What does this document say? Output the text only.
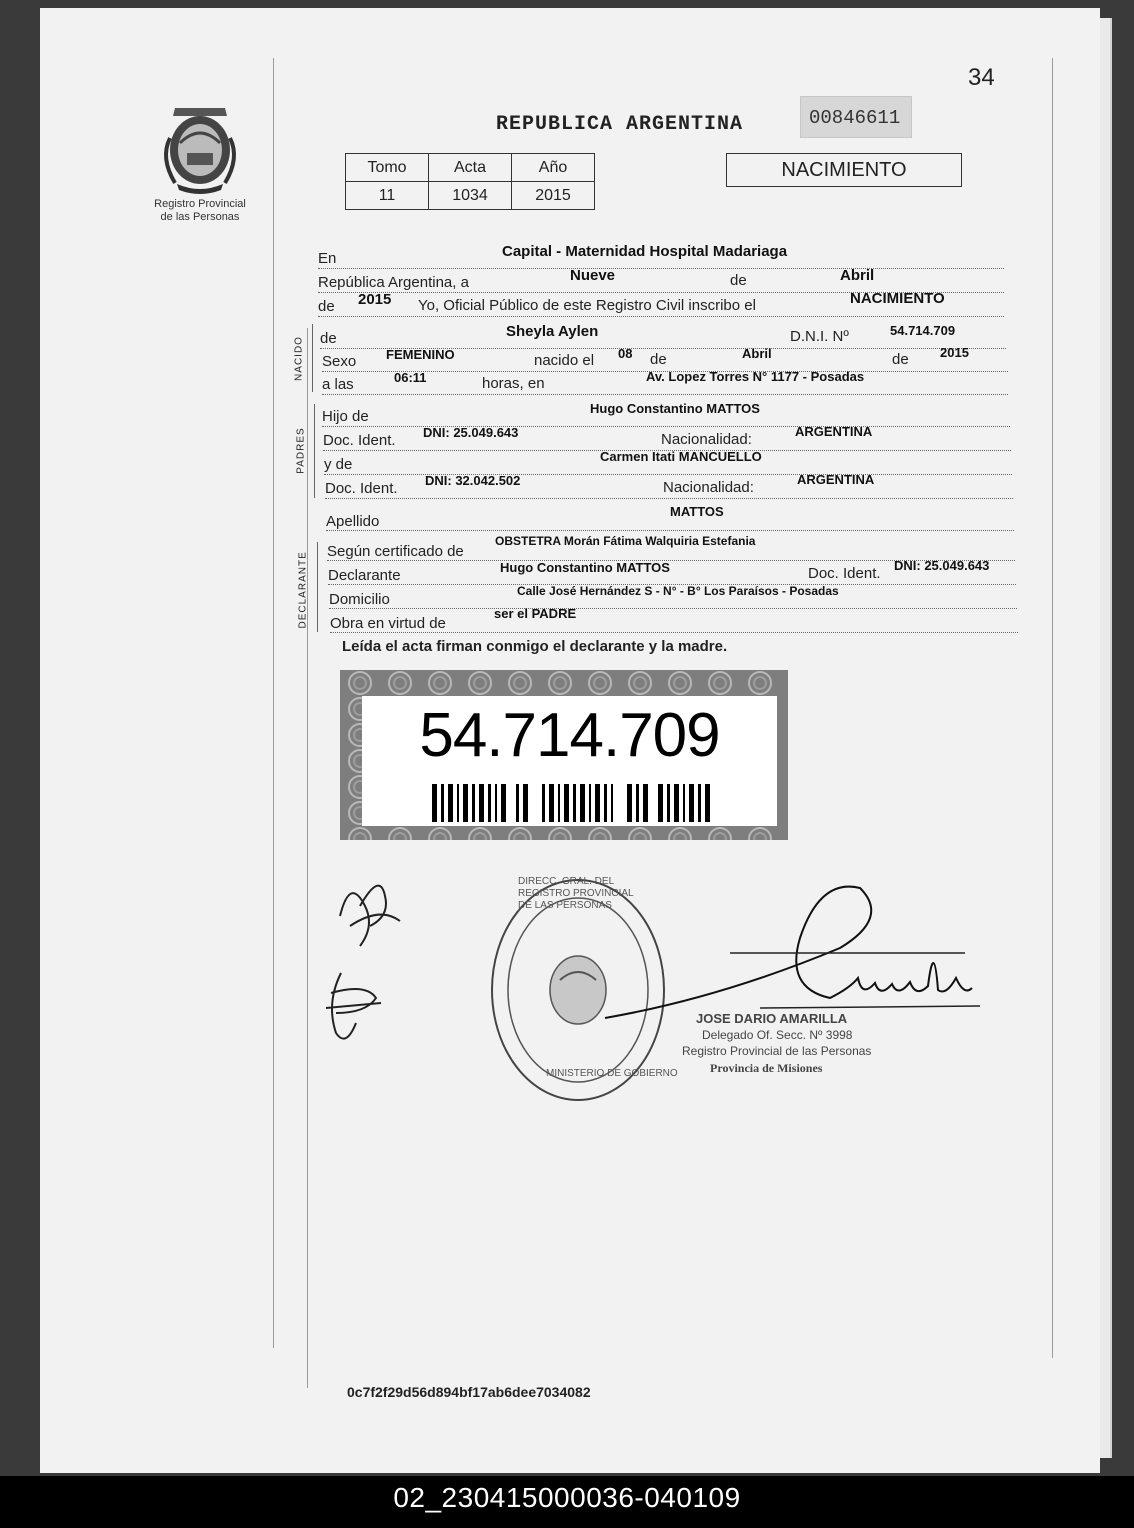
34
Registro Provincial
de las Personas
REPUBLICA ARGENTINA	00846611
Tomo	Acta	Año
11	1034	2015
NACIMIENTO
En	Capital - Maternidad Hospital Madariaga
República Argentina, a	Nueve	de	Abril
de 2015 Yo, Oficial Público de este Registro Civil inscribo el	NACIMIENTO
NACIDO de	Sheyla Aylen	D.N.I. Nº	54.714.709
Sexo FEMENINO	nacido el 08 de	Abril	de 2015
a las	06:11	horas, en	Av. Lopez Torres N° 1177 - Posadas
PADRES
Hijo de	Hugo Constantino MATTOS
Doc. Ident. DNI: 25.049.643	Nacionalidad:	ARGENTINA
y de	Carmen Itati MANCUELLO
Doc. Ident. DNI: 32.042.502	Nacionalidad:	ARGENTINA
Apellido
MATTOS
DECLARANTE Según certificado de
OBSTETRA Morán Fátima Walquiria Estefania
Declarante	Hugo Constantino MATTOS	Doc. Ident. DNI: 25.049.643
Domicilio	Calle José Hernández S - N° - B° Los Paraísos - Posadas
Obra en virtud de
ser el PADRE
Leída el acta firman conmigo el declarante y la madre.
54.714.709
DIRECC. GRAL. DEL REGISTRO PROVINCIAL DE LAS PERSONAS
MINISTERIO DE GOBIERNO
JOSE DARIO AMARILLA
Delegado Of. Secc. Nº 3998
Registro Provincial de las Personas
Provincia de Misiones
0c7f2f29d56d894bf17ab6dee7034082
02_230415000036-040109
